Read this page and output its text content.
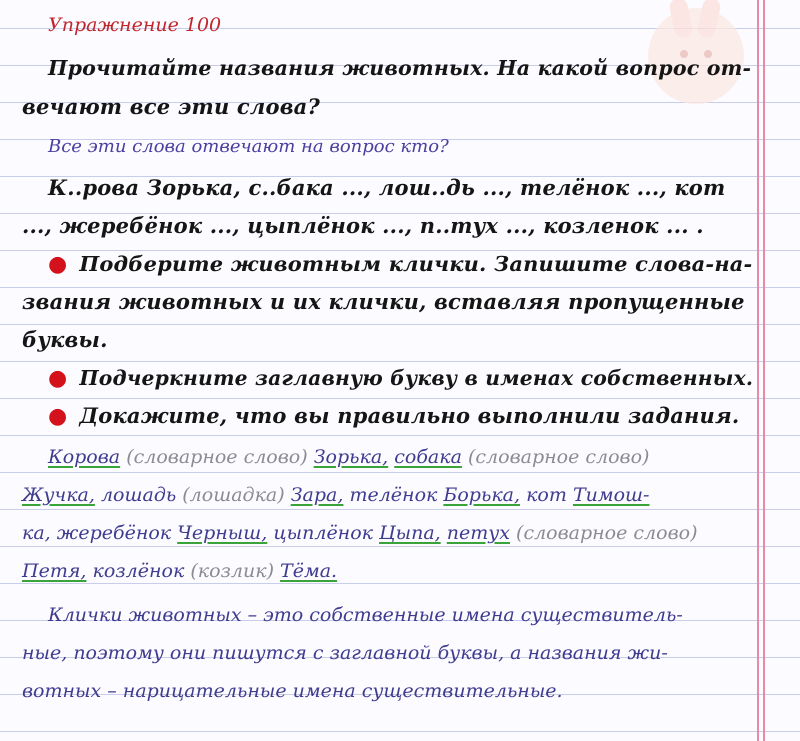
Упражнение 100
Прочитайте названия животных. На какой вопрос от-
вечают все эти слова?
Все эти слова отвечают на вопрос кто?
К..рова Зорька, с..бака ..., лош..дь ..., телёнок ..., кот
..., жеребёнок ..., цыплёнок ..., п..тух ..., козленок ... .
● Подберите животным клички. Запишите слова-на-
звания животных и их клички, вставляя пропущенные
буквы.
● Подчеркните заглавную букву в именах собственных.
● Докажите, что вы правильно выполнили задания.
Корова (словарное слово) Зорька, собака (словарное слово)
Жучка, лошадь (лошадка) Зара, телёнок Борька, кот Тимош-
ка, жеребёнок Черныш, цыплёнок Цыпа, петух (словарное слово)
Петя, козлёнок (козлик) Тёма.
Клички животных – это собственные имена существитель-
ные, поэтому они пишутся с заглавной буквы, а названия жи-
вотных – нарицательные имена существительные.
